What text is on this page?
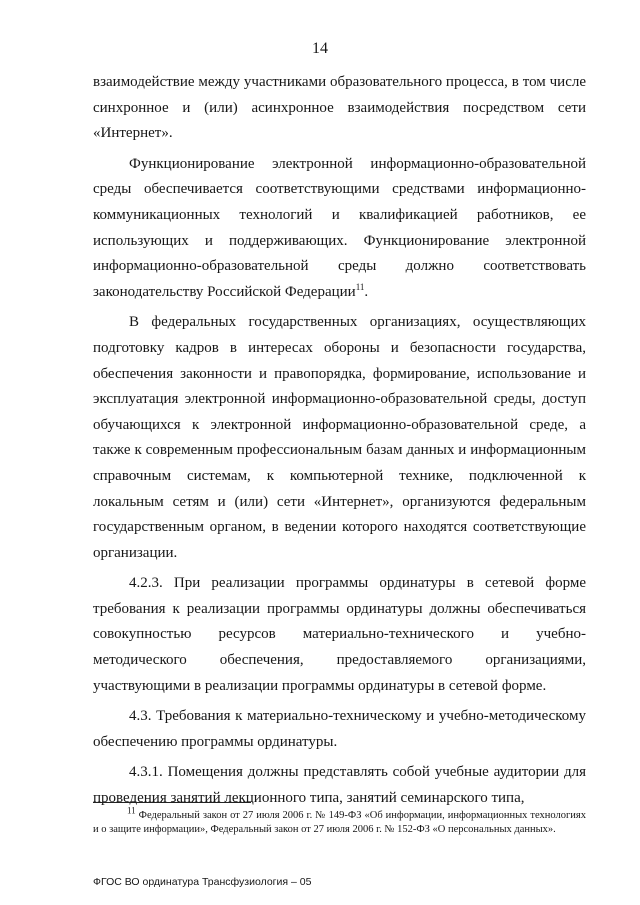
14

взаимодействие между участниками образовательного процесса, в том числе синхронное и (или) асинхронное взаимодействия посредством сети «Интернет».

Функционирование электронной информационно-образовательной среды обеспечивается соответствующими средствами информационно-коммуникационных технологий и квалификацией работников, ее использующих и поддерживающих. Функционирование электронной информационно-образовательной среды должно соответствовать законодательству Российской Федерации$^{11}$.

В федеральных государственных организациях, осуществляющих подготовку кадров в интересах обороны и безопасности государства, обеспечения законности и правопорядка, формирование, использование и эксплуатация электронной информационно-образовательной среды, доступ обучающихся к электронной информационно-образовательной среде, а также к современным профессиональным базам данных и информационным справочным системам, к компьютерной технике, подключенной к локальным сетям и (или) сети «Интернет», организуются федеральным государственным органом, в ведении которого находятся соответствующие организации.

4.2.3. При реализации программы ординатуры в сетевой форме требования к реализации программы ординатуры должны обеспечиваться совокупностью ресурсов материально-технического и учебно-методического обеспечения, предоставляемого организациями, участвующими в реализации программы ординатуры в сетевой форме.

4.3. Требования к материально-техническому и учебно-методическому обеспечению программы ординатуры.

4.3.1. Помещения должны представлять собой учебные аудитории для проведения занятий лекционного типа, занятий семинарского типа,

$^{11}$ Федеральный закон от 27 июля 2006 г. № 149-ФЗ «Об информации, информационных технологиях и о защите информации», Федеральный закон от 27 июля 2006 г. № 152-ФЗ «О персональных данных».
ФГОС ВО ординатура Трансфузиология – 05
